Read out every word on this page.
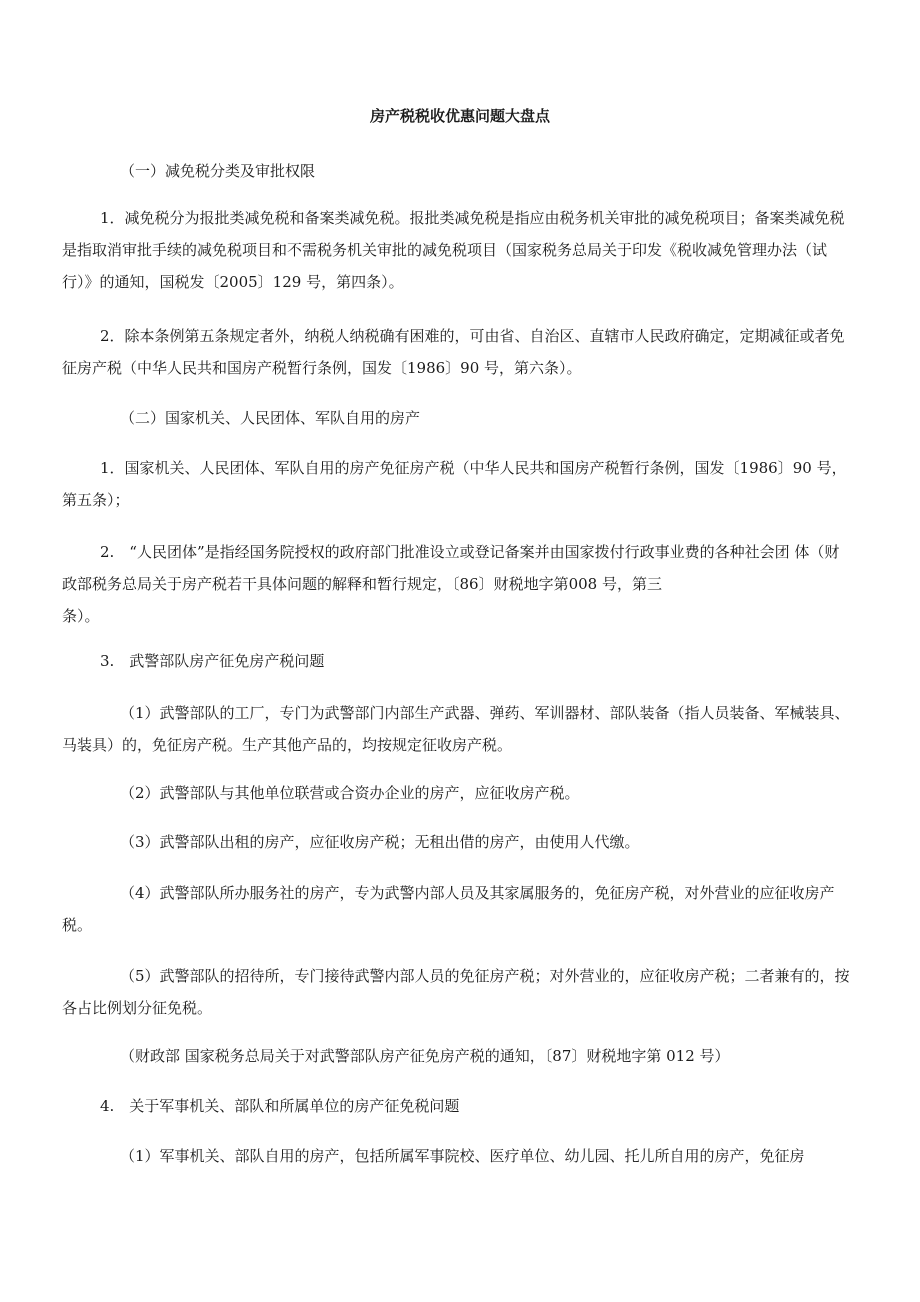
房产税税收优惠问题大盘点

（一）减免税分类及审批权限

1．减免税分为报批类减免税和备案类减免税。报批类减免税是指应由税务机关审批的减免税项目；备案类减免税是指取消审批手续的减免税项目和不需税务机关审批的减免税项目（国家税务总局关于印发《税收减免管理办法（试行）》的通知，国税发〔2005〕129 号，第四条）。

2．除本条例第五条规定者外，纳税人纳税确有困难的，可由省、自治区、直辖市人民政府确定，定期减征或者免征房产税（中华人民共和国房产税暂行条例，国发〔1986〕90 号，第六条）。

（二）国家机关、人民团体、军队自用的房产

1．国家机关、人民团体、军队自用的房产免征房产税（中华人民共和国房产税暂行条例，国发〔1986〕90 号，第五条）；

2.　“人民团体”是指经国务院授权的政府部门批准设立或登记备案并由国家拨付行政事业费的各种社会团 体（财政部税务总局关于房产税若干具体问题的解释和暂行规定，〔86〕财税地字第008 号，第三
条）。

3.　武警部队房产征免房产税问题

（1）武警部队的工厂，专门为武警部门内部生产武器、弹药、军训器材、部队装备（指人员装备、军械装具、马装具）的，免征房产税。生产其他产品的，均按规定征收房产税。

（2）武警部队与其他单位联营或合资办企业的房产，应征收房产税。

（3）武警部队出租的房产，应征收房产税；无租出借的房产，由使用人代缴。

（4）武警部队所办服务社的房产，专为武警内部人员及其家属服务的，免征房产税，对外营业的应征收房产税。

（5）武警部队的招待所，专门接待武警内部人员的免征房产税；对外营业的，应征收房产税；二者兼有的，按各占比例划分征免税。

（财政部 国家税务总局关于对武警部队房产征免房产税的通知，〔87〕财税地字第 012 号）

4.　关于军事机关、部队和所属单位的房产征免税问题

（1）军事机关、部队自用的房产，包括所属军事院校、医疗单位、幼儿园、托儿所自用的房产，免征房
